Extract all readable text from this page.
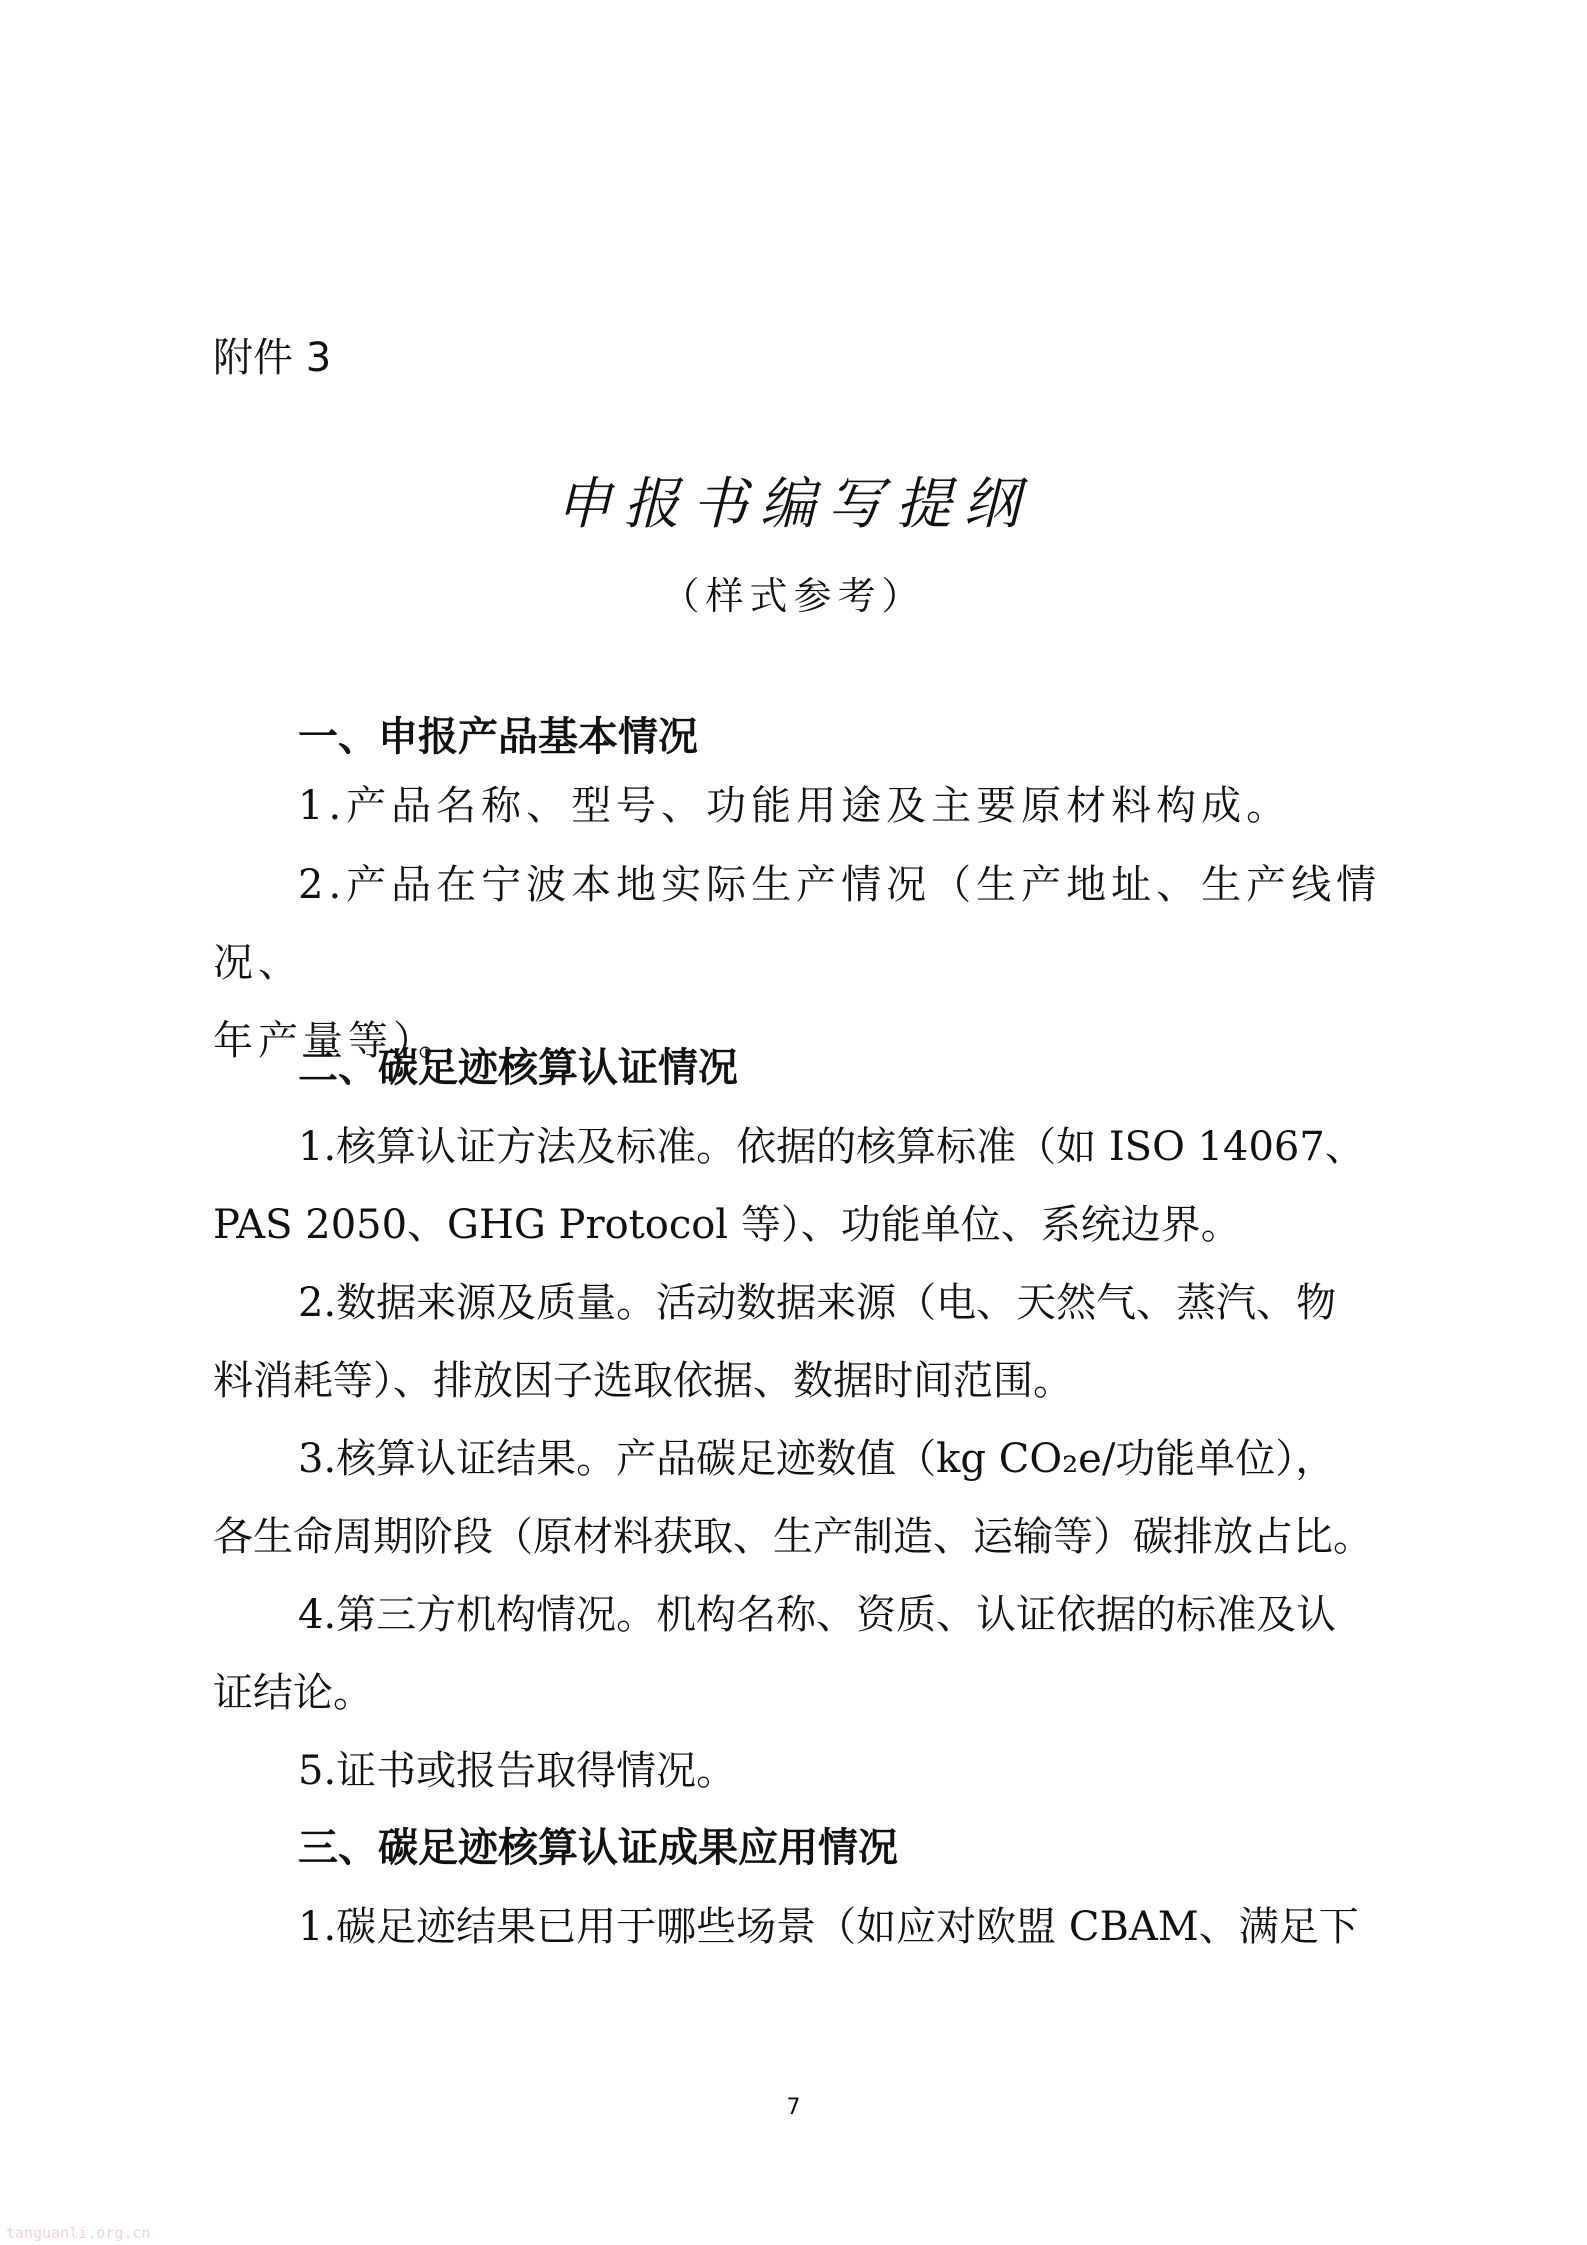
附件 3
申报书编写提纲
（样式参考）
一、申报产品基本情况
1.产品名称、型号、功能用途及主要原材料构成。
2.产品在宁波本地实际生产情况（生产地址、生产线情况、
年产量等）。
二、碳足迹核算认证情况
1.核算认证方法及标准。依据的核算标准（如 ISO 14067、
PAS 2050、GHG Protocol 等）、功能单位、系统边界。
2.数据来源及质量。活动数据来源（电、天然气、蒸汽、物
料消耗等）、排放因子选取依据、数据时间范围。
3.核算认证结果。产品碳足迹数值（kg CO₂e/功能单位），
各生命周期阶段（原材料获取、生产制造、运输等）碳排放占比。
4.第三方机构情况。机构名称、资质、认证依据的标准及认
证结论。
5.证书或报告取得情况。
三、碳足迹核算认证成果应用情况
1.碳足迹结果已用于哪些场景（如应对欧盟 CBAM、满足下
7
tanguanli.org.cn
